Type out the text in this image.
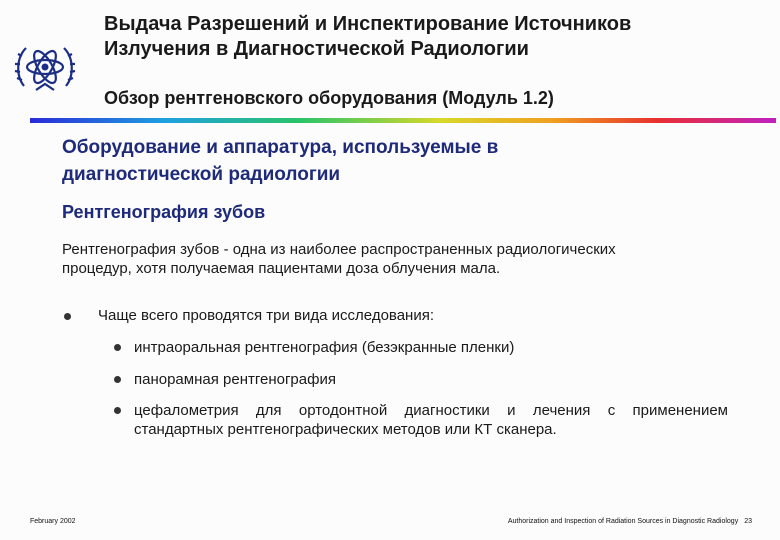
Выдача Разрешений и Инспектирование Источников
Излучения в Диагностической Радиологии
Обзор рентгеновского оборудования (Модуль 1.2)
Оборудование и аппаратура, используемые в
диагностической радиологии
Рентгенография зубов
Рентгенография зубов - одна из наиболее распространенных радиологических
процедур, хотя получаемая пациентами доза облучения мала.
Чаще всего проводятся три вида исследования:
интраоральная рентгенография (безэкранные пленки)
панорамная рентгенография
цефалометрия для ортодонтной диагностики и лечения с применением стандартных рентгенографических методов или КТ сканера.
February 2002	Authorization and Inspection of Radiation Sources in Diagnostic Radiology 23
